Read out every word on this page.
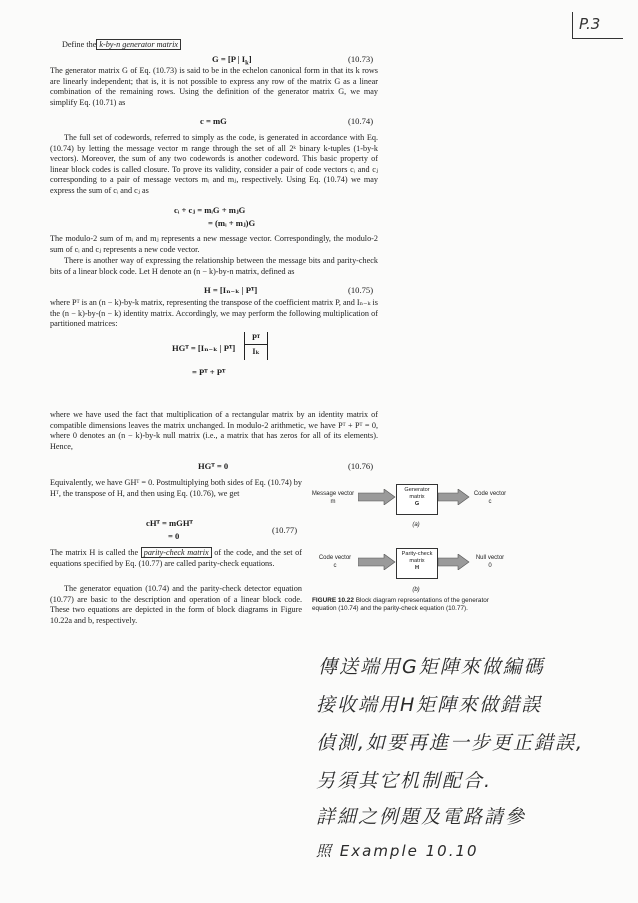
P.3
Define the k-by-n generator matrix
G = [P | $I_k$]	(10.73)
The generator matrix G of Eq. (10.73) is said to be in the echelon canonical form in that its k rows are linearly independent; that is, it is not possible to express any row of the matrix G as a linear combination of the remaining rows. Using the definition of the generator matrix G, we may simplify Eq. (10.71) as
c = mG	(10.74)
The full set of codewords, referred to simply as the code, is generated in accordance with Eq. (10.74) by letting the message vector m range through the set of all 2ᵏ binary k-tuples (1-by-k vectors). Moreover, the sum of any two codewords is another codeword. This basic property of linear block codes is called closure. To prove its validity, consider a pair of code vectors cᵢ and cⱼ corresponding to a pair of message vectors mᵢ and mⱼ, respectively. Using Eq. (10.74) we may express the sum of cᵢ and cⱼ as
cᵢ + cⱼ = mᵢG + mⱼG
= (mᵢ + mⱼ)G
The modulo-2 sum of mᵢ and mⱼ represents a new message vector. Correspondingly, the modulo-2 sum of cᵢ and cⱼ represents a new code vector.
There is another way of expressing the relationship between the message bits and parity-check bits of a linear block code. Let H denote an (n − k)-by-n matrix, defined as
H = [Iₙ₋ₖ | Pᵀ]	(10.75)
where Pᵀ is an (n − k)-by-k matrix, representing the transpose of the coefficient matrix P, and Iₙ₋ₖ is the (n − k)-by-(n − k) identity matrix. Accordingly, we may perform the following multiplication of partitioned matrices:
HGᵀ = [Iₙ₋ₖ | Pᵀ]
Pᵀ
Iₖ
= Pᵀ + Pᵀ
where we have used the fact that multiplication of a rectangular matrix by an identity matrix of compatible dimensions leaves the matrix unchanged. In modulo-2 arithmetic, we have Pᵀ + Pᵀ = 0, where 0 denotes an (n − k)-by-k null matrix (i.e., a matrix that has zeros for all of its elements). Hence,
HGᵀ = 0	(10.76)
Equivalently, we have GHᵀ = 0. Postmultiplying both sides of Eq. (10.74) by Hᵀ, the transpose of H, and then using Eq. (10.76), we get
cHᵀ = mGHᵀ
= 0
(10.77)
The matrix H is called the parity-check matrix of the code, and the set of equations specified by Eq. (10.77) are called parity-check equations.
The generator equation (10.74) and the parity-check detector equation (10.77) are basic to the description and operation of a linear block code. These two equations are depicted in the form of block diagrams in Figure 10.22a and b, respectively.
Message vector
m
Generator
matrix
G
Code vector
c
(a)
Code vector
c
Parity-check
matrix
H
Null vector
0
(b)
FIGURE 10.22 Block diagram representations of the generator equation (10.74) and the parity-check equation (10.77).
傳送端用G矩陣來做編碼
接收端用H矩陣來做錯誤
偵測,如要再進一步更正錯誤,
另須其它机制配合.
詳細之例題及電路請參
照 Example 10.10
